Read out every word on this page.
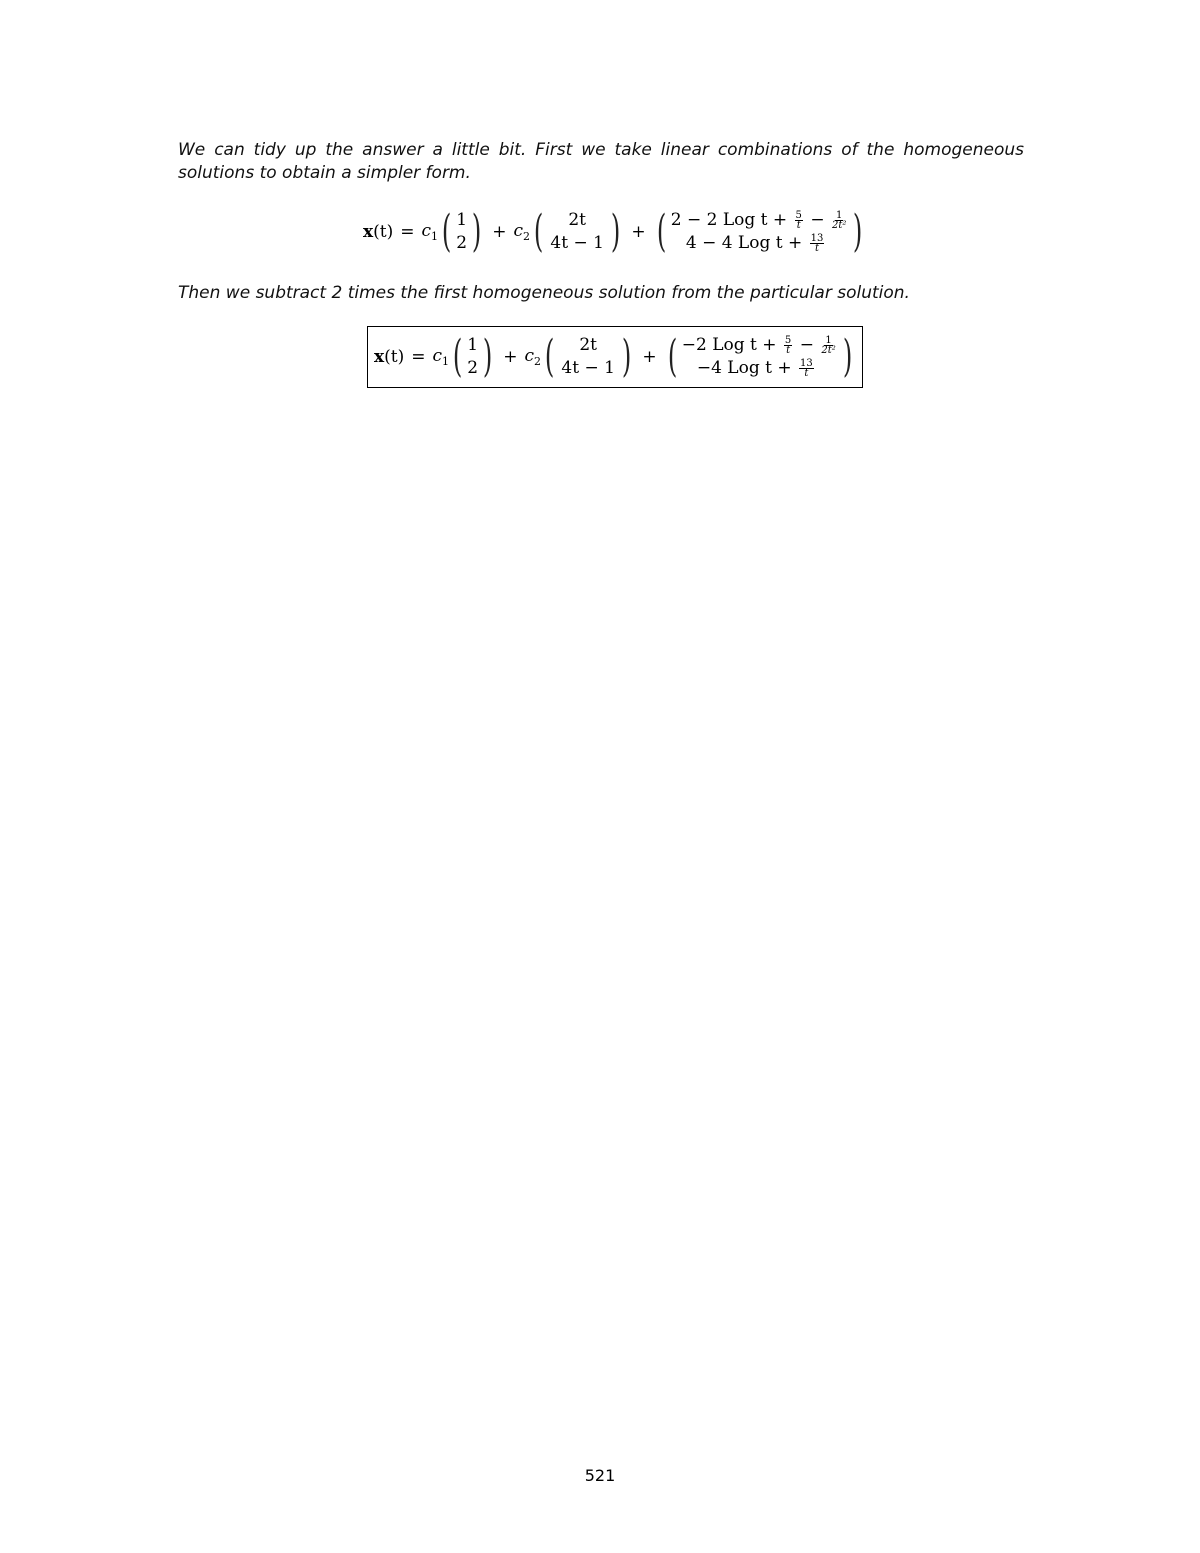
We can tidy up the answer a little bit. First we take linear combinations of the homogeneous solutions to obtain a simpler form.
x $(t) = c_1$ ( 1
2 ) + $c_2$ ( 2t
4t − 1 ) + ( 2 − 2 Log $t + \frac{5}{t} - \frac{1}{\text{2t²}}$
4 − 4 Log $t + \frac{13}{t}$ )
Then we subtract 2 times the first homogeneous solution from the particular solution.
x $(t) = c_1$ ( 1
2 ) + $c_2$ ( 2t
4t − 1 ) + ( −2 Log $t + \frac{5}{t} - \frac{1}{\text{2t²}}$
−4 Log $t + \frac{13}{t}$ )
521
